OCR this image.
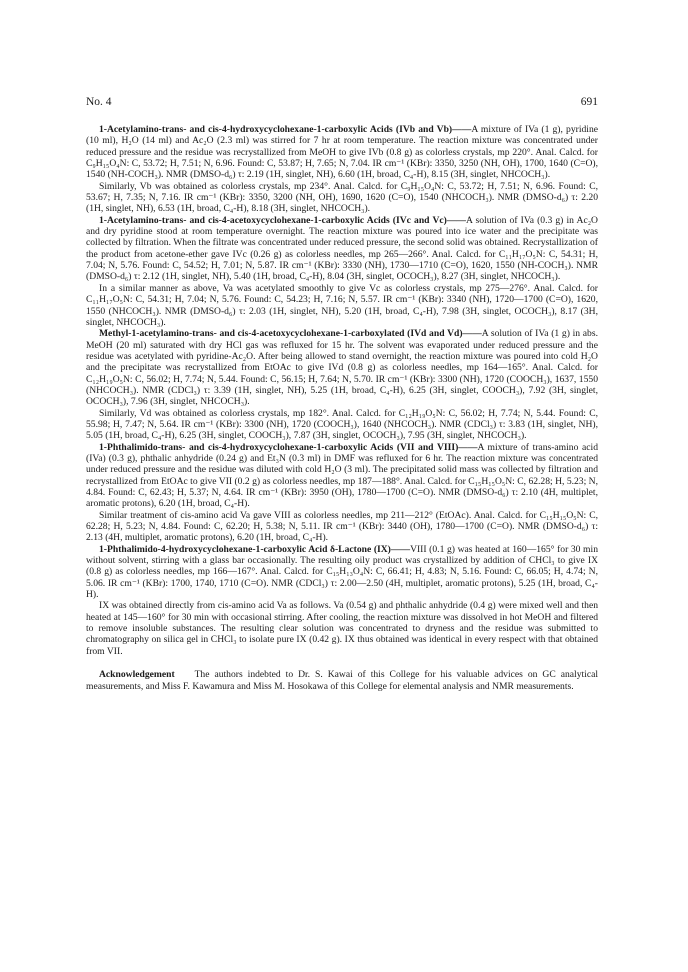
No. 4	691

1-Acetylamino-trans- and cis-4-hydroxycyclohexane-1-carboxylic Acids (IVb and Vb)——A mixture of IVa (1 g), pyridine (10 ml), H₂O (14 ml) and Ac₂O (2.3 ml) was stirred for 7 hr at room temperature. The reaction mixture was concentrated under reduced pressure and the residue was recrystallized from MeOH to give IVb (0.8 g) as colorless crystals, mp 220°. Anal. Calcd. for C₉H₁₅O₄N: C, 53.72; H, 7.51; N, 6.96. Found: C, 53.87; H, 7.65; N, 7.04. IR cm⁻¹ (KBr): 3350, 3250 (NH, OH), 1700, 1640 (C=O), 1540 (NH-COCH₃). NMR (DMSO-d₆) τ: 2.19 (1H, singlet, NH), 6.60 (1H, broad, C₄-H), 8.15 (3H, singlet, NHCOCH₃).

Similarly, Vb was obtained as colorless crystals, mp 234°. Anal. Calcd. for C₉H₁₅O₄N: C, 53.72; H, 7.51; N, 6.96. Found: C, 53.67; H, 7.35; N, 7.16. IR cm⁻¹ (KBr): 3350, 3200 (NH, OH), 1690, 1620 (C=O), 1540 (NHCOCH₃). NMR (DMSO-d₆) τ: 2.20 (1H, singlet, NH), 6.53 (1H, broad, C₄-H), 8.18 (3H, singlet, NHCOCH₃).

1-Acetylamino-trans- and cis-4-acetoxycyclohexane-1-carboxylic Acids (IVc and Vc)——A solution of IVa (0.3 g) in Ac₂O and dry pyridine stood at room temperature overnight. The reaction mixture was poured into ice water and the precipitate was collected by filtration. When the filtrate was concentrated under reduced pressure, the second solid was obtained. Recrystallization of the product from acetone-ether gave IVc (0.26 g) as colorless needles, mp 265—266°. Anal. Calcd. for C₁₁H₁₇O₅N: C, 54.31; H, 7.04; N, 5.76. Found: C, 54.52; H, 7.01; N, 5.87. IR cm⁻¹ (KBr): 3330 (NH), 1730—1710 (C=O), 1620, 1550 (NH-COCH₃). NMR (DMSO-d₆) τ: 2.12 (1H, singlet, NH), 5.40 (1H, broad, C₄-H), 8.04 (3H, singlet, OCOCH₃), 8.27 (3H, singlet, NHCOCH₃).

In a similar manner as above, Va was acetylated smoothly to give Vc as colorless crystals, mp 275—276°. Anal. Calcd. for C₁₁H₁₇O₅N: C, 54.31; H, 7.04; N, 5.76. Found: C, 54.23; H, 7.16; N, 5.57. IR cm⁻¹ (KBr): 3340 (NH), 1720—1700 (C=O), 1620, 1550 (NHCOCH₃). NMR (DMSO-d₆) τ: 2.03 (1H, singlet, NH), 5.20 (1H, broad, C₄-H), 7.98 (3H, singlet, OCOCH₃), 8.17 (3H, singlet, NHCOCH₃).

Methyl-1-acetylamino-trans- and cis-4-acetoxycyclohexane-1-carboxylated (IVd and Vd)——A solution of IVa (1 g) in abs. MeOH (20 ml) saturated with dry HCl gas was refluxed for 15 hr. The solvent was evaporated under reduced pressure and the residue was acetylated with pyridine-Ac₂O. After being allowed to stand overnight, the reaction mixture was poured into cold H₂O and the precipitate was recrystallized from EtOAc to give IVd (0.8 g) as colorless needles, mp 164—165°. Anal. Calcd. for C₁₂H₁₉O₅N: C, 56.02; H, 7.74; N, 5.44. Found: C, 56.15; H, 7.64; N, 5.70. IR cm⁻¹ (KBr): 3300 (NH), 1720 (COOCH₃), 1637, 1550 (NHCOCH₃). NMR (CDCl₃) τ: 3.39 (1H, singlet, NH), 5.25 (1H, broad, C₄-H), 6.25 (3H, singlet, COOCH₃), 7.92 (3H, singlet, OCOCH₃), 7.96 (3H, singlet, NHCOCH₃).

Similarly, Vd was obtained as colorless crystals, mp 182°. Anal. Calcd. for C₁₂H₁₉O₅N: C, 56.02; H, 7.74; N, 5.44. Found: C, 55.98; H, 7.47; N, 5.64. IR cm⁻¹ (KBr): 3300 (NH), 1720 (COOCH₃), 1640 (NHCOCH₃). NMR (CDCl₃) τ: 3.83 (1H, singlet, NH), 5.05 (1H, broad, C₄-H), 6.25 (3H, singlet, COOCH₃), 7.87 (3H, singlet, OCOCH₃), 7.95 (3H, singlet, NHCOCH₃).

1-Phthalimido-trans- and cis-4-hydroxycyclohexane-1-carboxylic Acids (VII and VIII)——A mixture of trans-amino acid (IVa) (0.3 g), phthalic anhydride (0.24 g) and Et₃N (0.3 ml) in DMF was refluxed for 6 hr. The reaction mixture was concentrated under reduced pressure and the residue was diluted with cold H₂O (3 ml). The precipitated solid mass was collected by filtration and recrystallized from EtOAc to give VII (0.2 g) as colorless needles, mp 187—188°. Anal. Calcd. for C₁₅H₁₅O₅N: C, 62.28; H, 5.23; N, 4.84. Found: C, 62.43; H, 5.37; N, 4.64. IR cm⁻¹ (KBr): 3950 (OH), 1780—1700 (C=O). NMR (DMSO-d₆) τ: 2.10 (4H, multiplet, aromatic protons), 6.20 (1H, broad, C₄-H).

Similar treatment of cis-amino acid Va gave VIII as colorless needles, mp 211—212° (EtOAc). Anal. Calcd. for C₁₅H₁₅O₅N: C, 62.28; H, 5.23; N, 4.84. Found: C, 62.20; H, 5.38; N, 5.11. IR cm⁻¹ (KBr): 3440 (OH), 1780—1700 (C=O). NMR (DMSO-d₆) τ: 2.13 (4H, multiplet, aromatic protons), 6.20 (1H, broad, C₄-H).

1-Phthalimido-4-hydroxycyclohexane-1-carboxylic Acid δ-Lactone (IX)——VIII (0.1 g) was heated at 160—165° for 30 min without solvent, stirring with a glass bar occasionally. The resulting oily product was crystallized by addition of CHCl₃ to give IX (0.8 g) as colorless needles, mp 166—167°. Anal. Calcd. for C₁₅H₁₃O₄N: C, 66.41; H, 4.83; N, 5.16. Found: C, 66.05; H, 4.74; N, 5.06. IR cm⁻¹ (KBr): 1700, 1740, 1710 (C=O). NMR (CDCl₃) τ: 2.00—2.50 (4H, multiplet, aromatic protons), 5.25 (1H, broad, C₄-H).

IX was obtained directly from cis-amino acid Va as follows. Va (0.54 g) and phthalic anhydride (0.4 g) were mixed well and then heated at 145—160° for 30 min with occasional stirring. After cooling, the reaction mixture was dissolved in hot MeOH and filtered to remove insoluble substances. The resulting clear solution was concentrated to dryness and the residue was submitted to chromatography on silica gel in CHCl₃ to isolate pure IX (0.42 g). IX thus obtained was identical in every respect with that obtained from VII.

Acknowledgement The authors indebted to Dr. S. Kawai of this College for his valuable advices on GC analytical measurements, and Miss F. Kawamura and Miss M. Hosokawa of this College for elemental analysis and NMR measurements.
